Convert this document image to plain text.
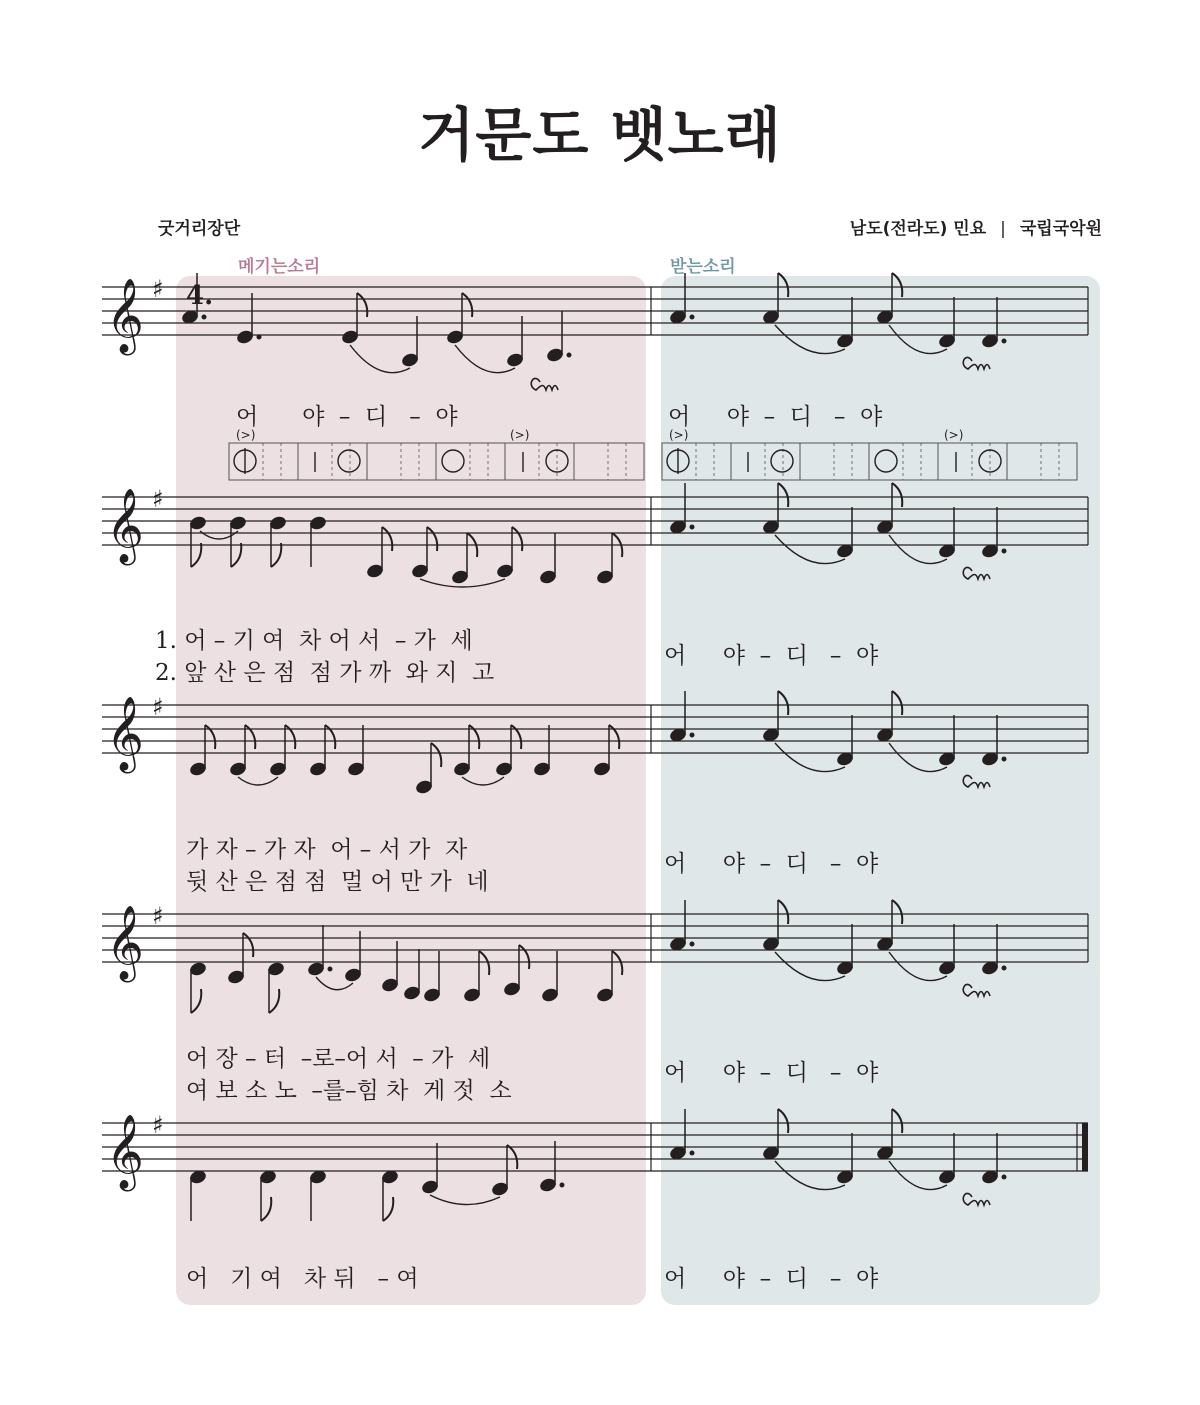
거문도 뱃노래
굿거리장단	남도(전라도) 민요 | 국립국악원
메기는소리	받는소리
𝄞 ♯
𝄞 ♯
𝄞 ♯
𝄞 ♯
𝄞 ♯
4.
(>)	(>)	(>)	(>)
어      야  –  디   –  야	어     야  –  디   –  야
1. 어 – 기 여  차 어 서  – 가  세
2. 앞 산 은 점  점 가 까  와 지  고
어     야  –  디   –  야
가 자 – 가 자  어 – 서 가  자
뒷 산 은 점 점  멀 어 만 가  네
어     야  –  디   –  야
어 장 – 터  –로–어 서  – 가  세
여 보 소 노  –를–힘 차  게 젓  소
어     야  –  디   –  야
어   기 여   차 뒤   – 여	어     야  –  디   –  야
